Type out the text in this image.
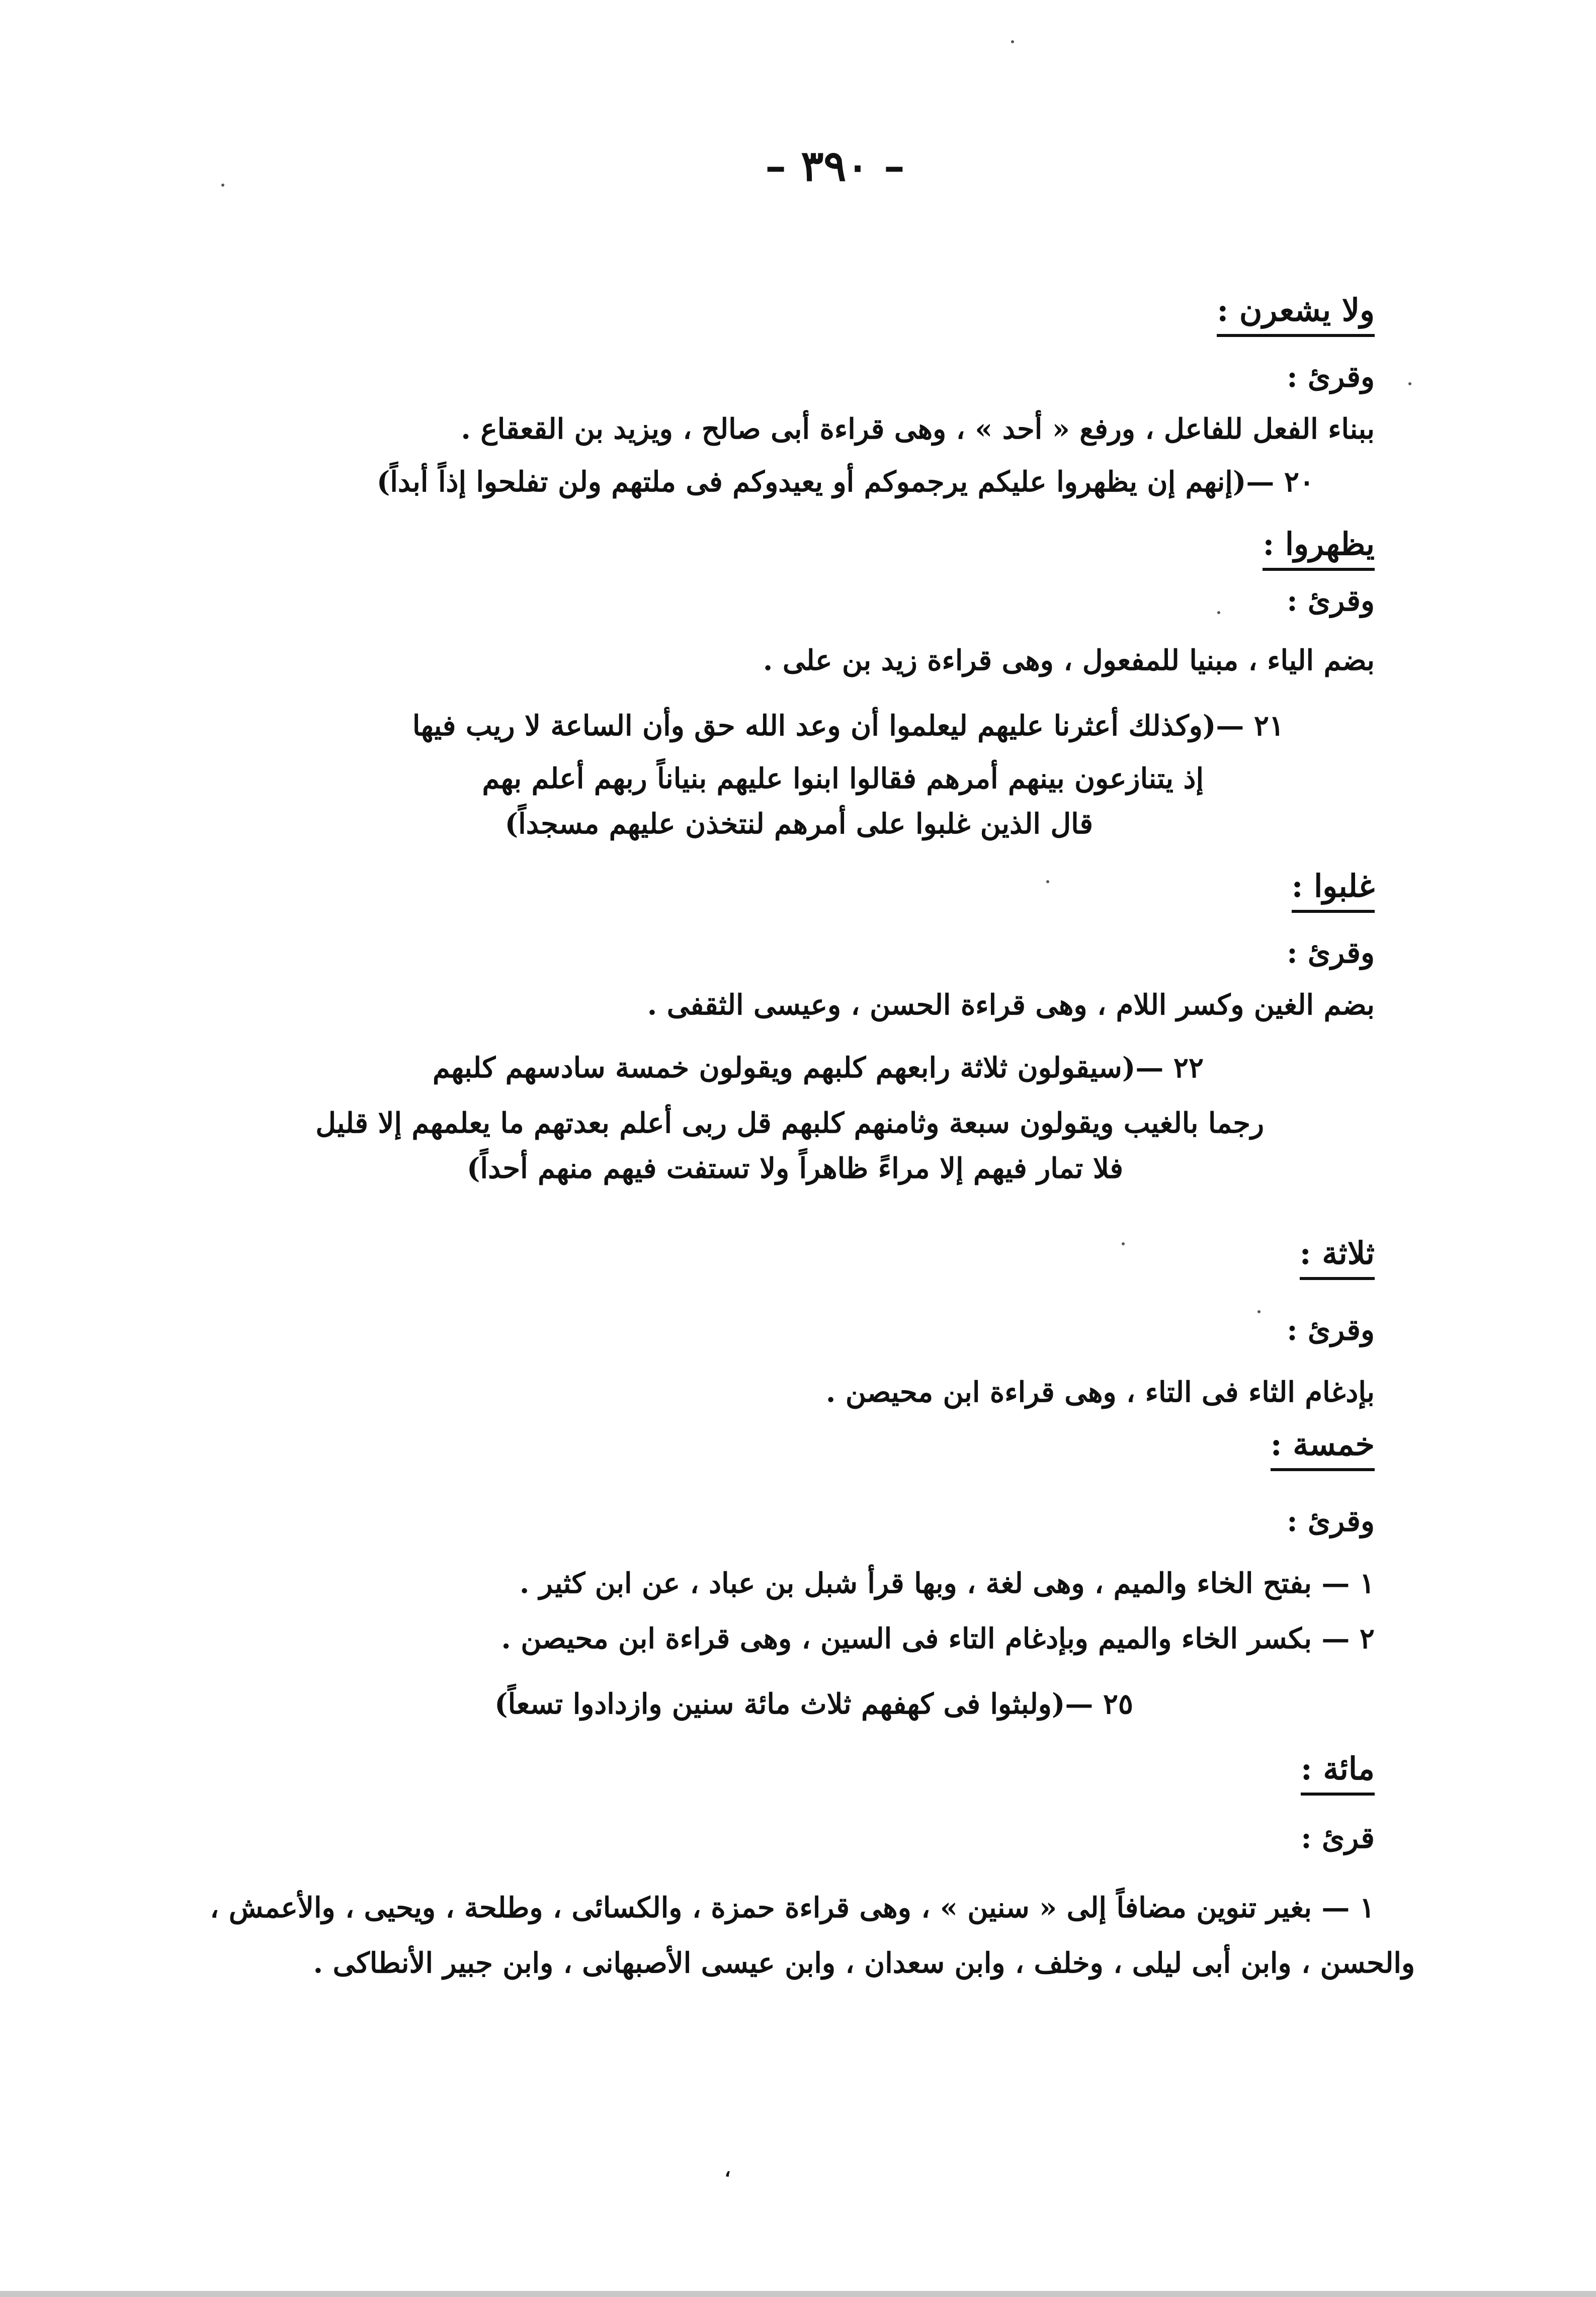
– ٣٩٠ –
ولا يشعرن :
وقرئ :
ببناء الفعل للفاعل ، ورفع « أحد » ، وهى قراءة أبى صالح ، ويزيد بن القعقاع .
٢٠ —(إنهم إن يظهروا عليكم يرجموكم أو يعيدوكم فى ملتهم ولن تفلحوا إذاً أبداً)
يظهروا :
وقرئ :
بضم الياء ، مبنيا للمفعول ، وهى قراءة زيد بن على .
٢١ —(وكذلك أعثرنا عليهم ليعلموا أن وعد الله حق وأن الساعة لا ريب فيها
إذ يتنازعون بينهم أمرهم فقالوا ابنوا عليهم بنياناً ربهم أعلم بهم
قال الذين غلبوا على أمرهم لنتخذن عليهم مسجداً)
غلبوا :
وقرئ :
بضم الغين وكسر اللام ، وهى قراءة الحسن ، وعيسى الثقفى .
٢٢ —(سيقولون ثلاثة رابعهم كلبهم ويقولون خمسة سادسهم كلبهم
رجما بالغيب ويقولون سبعة وثامنهم كلبهم قل ربى أعلم بعدتهم ما يعلمهم إلا قليل
فلا تمار فيهم إلا مراءً ظاهراً ولا تستفت فيهم منهم أحداً)
ثلاثة :
وقرئ :
بإدغام الثاء فى التاء ، وهى قراءة ابن محيصن .
خمسة :
وقرئ :
١ — بفتح الخاء والميم ، وهى لغة ، وبها قرأ شبل بن عباد ، عن ابن كثير .
٢ — بكسر الخاء والميم وبإدغام التاء فى السين ، وهى قراءة ابن محيصن .
٢٥ —(ولبثوا فى كهفهم ثلاث مائة سنين وازدادوا تسعاً)
مائة :
قرئ :
١ — بغير تنوين مضافاً إلى « سنين » ، وهى قراءة حمزة ، والكسائى ، وطلحة ، ويحيى ، والأعمش ،
والحسن ، وابن أبى ليلى ، وخلف ، وابن سعدان ، وابن عيسى الأصبهانى ، وابن جبير الأنطاكى .
،
